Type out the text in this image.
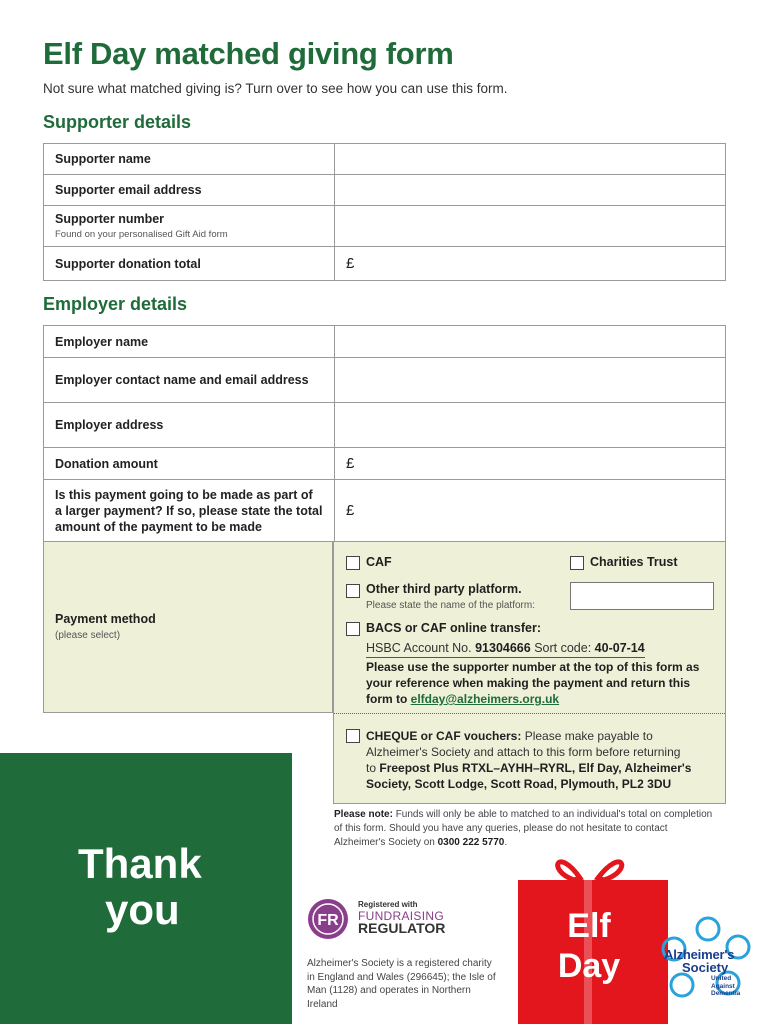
Elf Day matched giving form
Not sure what matched giving is? Turn over to see how you can use this form.
Supporter details
Supporter name	
Supporter email address	
Supporter number
Found on your personalised Gift Aid form	

Supporter donation total	£
Employer details
Employer name	
Employer contact name and email address	
Employer address	
Donation amount	£
Is this payment going to be made as part of a larger payment? If so, please state the total amount of the payment to be made	£
Payment method
(please select)
CAF	Charities Trust
Other third party platform.
Please state the name of the platform:
BACS or CAF online transfer:
HSBC Account No. 91304666 Sort code: 40-07-14
Please use the supporter number at the top of this form as your reference when making the payment and return this form to elfday@alzheimers.org.uk
CHEQUE or CAF vouchers: Please make payable to
Alzheimer's Society and attach to this form before returning
to Freepost Plus RTXL–AYHH–RYRL, Elf Day, Alzheimer's
Society, Scott Lodge, Scott Road, Plymouth, PL2 3DU
Please note: Funds will only be able to matched to an individual's total on completion of this form. Should you have any queries, please do not hesitate to contact Alzheimer's Society on 0300 222 5770.
Thank
you	FR
Registered with
FUNDRAISING
REGULATOR
Alzheimer's Society is a registered charity in England and Wales (296645); the Isle of Man (1128) and operates in Northern Ireland
Elf
Day	Alzheimer's
Society
United Against Dementia
